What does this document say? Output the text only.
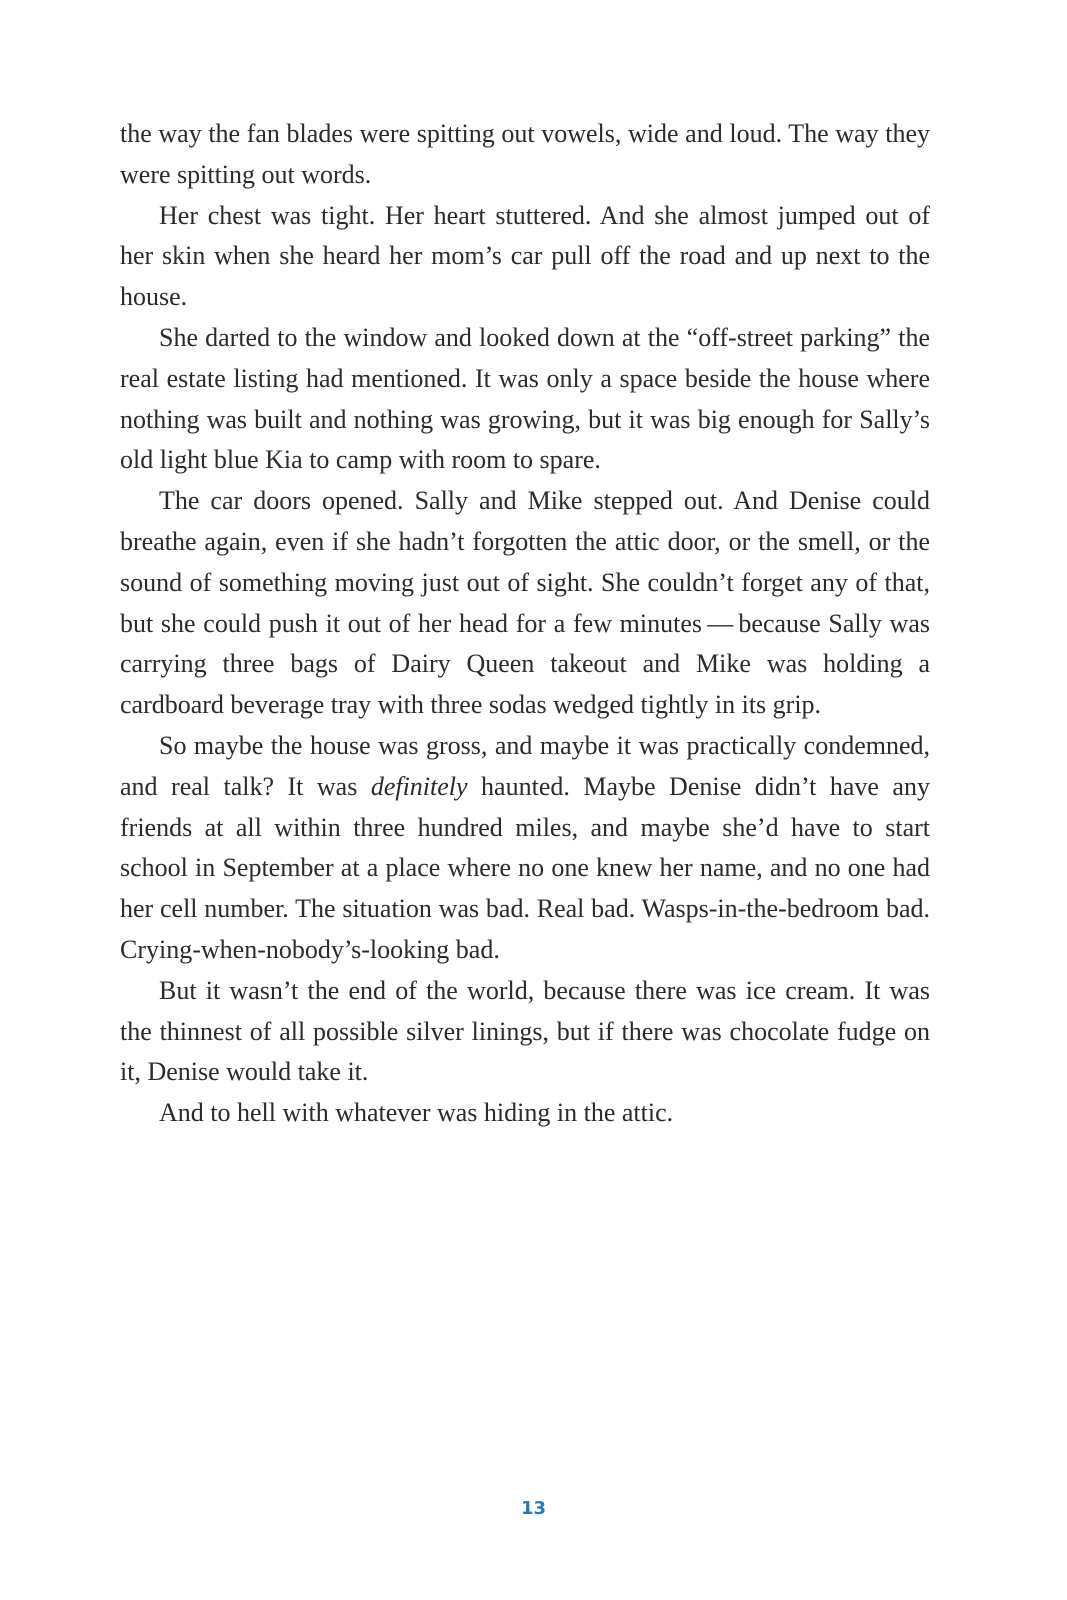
the way the fan blades were spitting out vowels, wide and loud. The way they were spitting out words.

Her chest was tight. Her heart stuttered. And she almost jumped out of her skin when she heard her mom’s car pull off the road and up next to the house.

She darted to the window and looked down at the “off-street parking” the real estate listing had mentioned. It was only a space beside the house where nothing was built and nothing was growing, but it was big enough for Sally’s old light blue Kia to camp with room to spare.

The car doors opened. Sally and Mike stepped out. And Denise could breathe again, even if she hadn’t forgotten the attic door, or the smell, or the sound of something moving just out of sight. She couldn’t forget any of that, but she could push it out of her head for a few minutes — because Sally was carrying three bags of Dairy Queen takeout and Mike was holding a cardboard beverage tray with three sodas wedged tightly in its grip.

So maybe the house was gross, and maybe it was practically condemned, and real talk? It was definitely haunted. Maybe Denise didn’t have any friends at all within three hundred miles, and maybe she’d have to start school in September at a place where no one knew her name, and no one had her cell number. The situation was bad. Real bad. Wasps-in-the-bedroom bad. Crying-when-nobody’s-looking bad.

But it wasn’t the end of the world, because there was ice cream. It was the thinnest of all possible silver linings, but if there was chocolate fudge on it, Denise would take it.

And to hell with whatever was hiding in the attic.

13
